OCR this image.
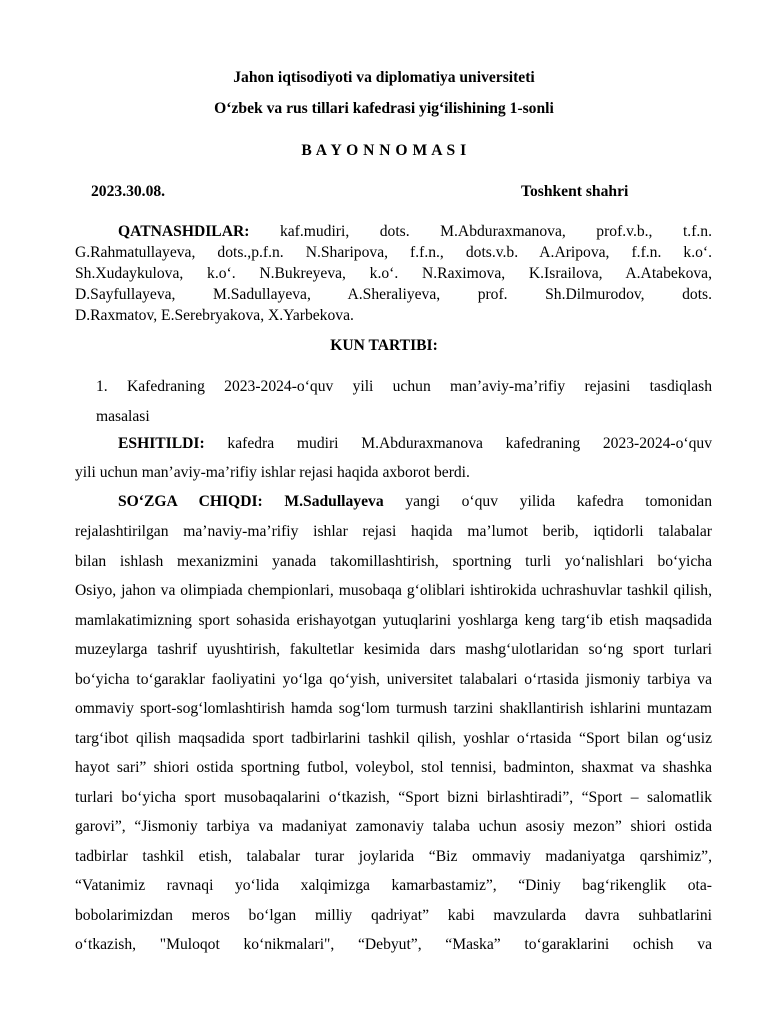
Jahon iqtisodiyoti va diplomatiya universiteti
O‘zbek va rus tillari kafedrasi yig‘ilishining 1-sonli
B A Y O N N O M A S I
2023.30.08.	Toshkent shahri
QATNASHDILAR: kaf.mudiri, dots. M.Abduraxmanova, prof.v.b., t.f.n.
G.Rahmatullayeva, dots.,p.f.n. N.Sharipova, f.f.n., dots.v.b. A.Aripova, f.f.n. k.o‘.
Sh.Xudaykulova, k.o‘. N.Bukreyeva, k.o‘. N.Raximova, K.Israilova, A.Atabekova,
D.Sayfullayeva, M.Sadullayeva, A.Sheraliyeva, prof. Sh.Dilmurodov, dots.
D.Raxmatov, E.Serebryakova, X.Yarbekova.
KUN TARTIBI:
1. Kafedraning 2023-2024-o‘quv yili uchun man’aviy-ma’rifiy rejasini tasdiqlash
masalasi
ESHITILDI: kafedra mudiri M.Abduraxmanova kafedraning 2023-2024-o‘quv
yili uchun man’aviy-ma’rifiy ishlar rejasi haqida axborot berdi.
SO‘ZGA CHIQDI: M.Sadullayeva yangi o‘quv yilida kafedra tomonidan
rejalashtirilgan ma’naviy-ma’rifiy ishlar rejasi haqida ma’lumot berib, iqtidorli talabalar
bilan ishlash mexanizmini yanada takomillashtirish, sportning turli yo‘nalishlari bo‘yicha
Osiyo, jahon va olimpiada chempionlari, musobaqa g‘oliblari ishtirokida uchrashuvlar tashkil qilish,
mamlakatimizning sport sohasida erishayotgan yutuqlarini yoshlarga keng targ‘ib etish maqsadida
muzeylarga tashrif uyushtirish, fakultetlar kesimida dars mashg‘ulotlaridan so‘ng sport turlari
bo‘yicha to‘garaklar faoliyatini yo‘lga qo‘yish, universitet talabalari o‘rtasida jismoniy tarbiya va
ommaviy sport-sog‘lomlashtirish hamda sog‘lom turmush tarzini shakllantirish ishlarini muntazam
targ‘ibot qilish maqsadida sport tadbirlarini tashkil qilish, yoshlar o‘rtasida “Sport bilan og‘usiz
hayot sari” shiori ostida sportning futbol, voleybol, stol tennisi, badminton, shaxmat va shashka
turlari bo‘yicha sport musobaqalarini o‘tkazish, “Sport bizni birlashtiradi”, “Sport – salomatlik
garovi”, “Jismoniy tarbiya va madaniyat zamonaviy talaba uchun asosiy mezon” shiori ostida
tadbirlar tashkil etish, talabalar turar joylarida “Biz ommaviy madaniyatga qarshimiz”,
“Vatanimiz ravnaqi yo‘lida xalqimizga kamarbastamiz”, “Diniy bag‘rikenglik ota-
bobolarimizdan meros bo‘lgan milliy qadriyat” kabi mavzularda davra suhbatlarini
o‘tkazish, "Muloqot ko‘nikmalari", “Debyut”, “Maska” to‘garaklarini ochish va
